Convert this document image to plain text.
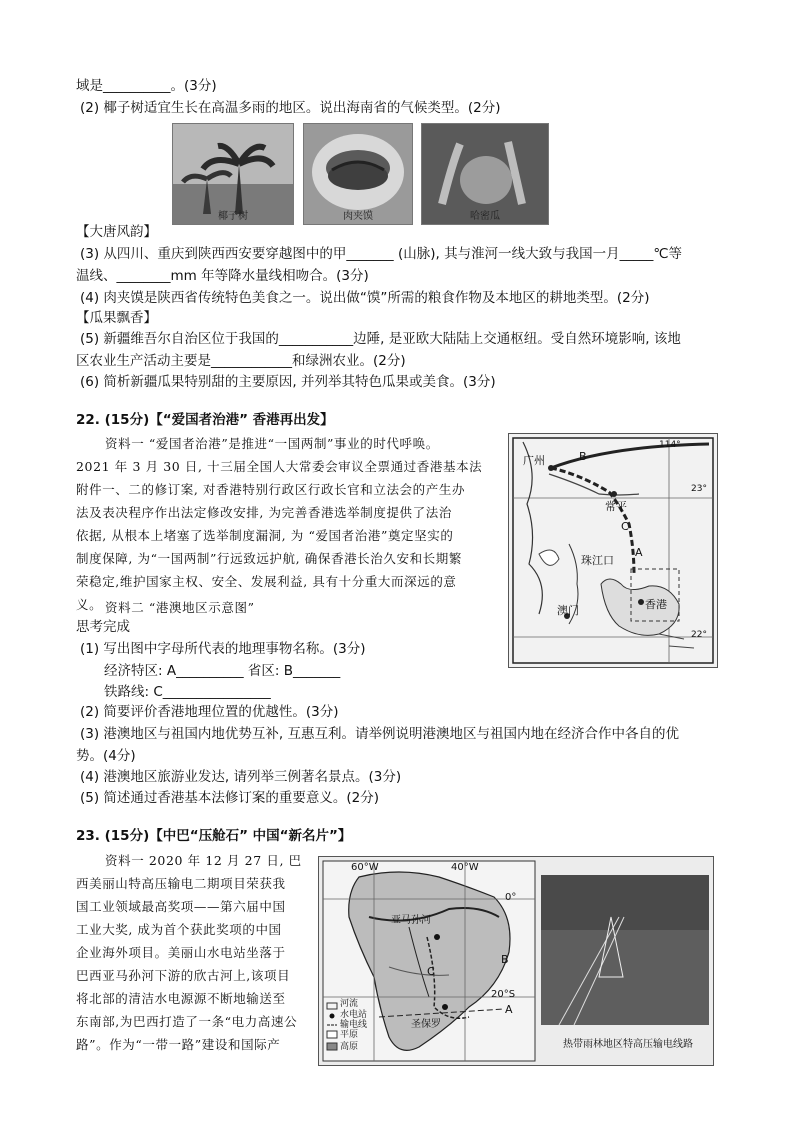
域是__________。(3分)
(2) 椰子树适宜生长在高温多雨的地区。说出海南省的气候类型。(2分)
椰子树	肉夹馍	哈密瓜
【大唐风韵】
(3) 从四川、重庆到陕西西安要穿越图中的甲_______ (山脉), 其与淮河一线大致与我国一月_____℃等
温线、________mm 年等降水量线相吻合。(3分)
(4) 肉夹馍是陕西省传统特色美食之一。说出做“馍”所需的粮食作物及本地区的耕地类型。(2分)
【瓜果飘香】
(5) 新疆维吾尔自治区位于我国的___________边陲, 是亚欧大陆陆上交通枢纽。受自然环境影响, 该地
区农业生产活动主要是____________和绿洲农业。(2分)
(6) 简析新疆瓜果特别甜的主要原因, 并列举其特色瓜果或美食。(3分)
22. (15分)【“爱国者治港” 香港再出发】
资料一 “爱国者治港”是推进“一国两制”事业的时代呼唤。
2021 年 3 月 30 日, 十三届全国人大常委会审议全票通过香港基本法
附件一、二的修订案, 对香港特别行政区行政长官和立法会的产生办
法及表决程序作出法定修改安排, 为完善香港选举制度提供了法治
依据, 从根本上堵塞了选举制度漏洞, 为 “爱国者治港”奠定坚实的
制度保障, 为“一国两制”行远致远护航, 确保香港长治久安和长期繁
荣稳定,维护国家主权、安全、发展利益, 具有十分重大而深远的意
义。 资料二 “港澳地区示意图”
思考完成
114°
23°
22°
广州	B
常平
C
A
珠江口
澳门	香港
(1) 写出图中字母所代表的地理事物名称。(3分)
经济特区: A__________ 省区: B_______
铁路线: C________________
(2) 简要评价香港地理位置的优越性。(3分)
(3) 港澳地区与祖国内地优势互补, 互惠互利。请举例说明港澳地区与祖国内地在经济合作中各自的优
势。(4分)
(4) 港澳地区旅游业发达, 请列举三例著名景点。(3分)
(5) 简述通过香港基本法修订案的重要意义。(2分)
23. (15分)【中巴“压舱石” 中国“新名片”】
资料一 2020 年 12 月 27 日, 巴
西美丽山特高压输电二期项目荣获我
国工业领域最高奖项——第六届中国
工业大奖, 成为首个获此奖项的中国
企业海外项目。美丽山水电站坐落于
巴西亚马孙河下游的欣古河上,该项目
将北部的清洁水电源源不断地输送至
东南部,为巴西打造了一条“电力高速公
路”。作为“一带一路”建设和国际产
60°W	40°W
0°
亚马孙河
B
C
20°S
A
圣保罗
河流
水电站
输电线
平原
高原	热带雨林地区特高压输电线路
